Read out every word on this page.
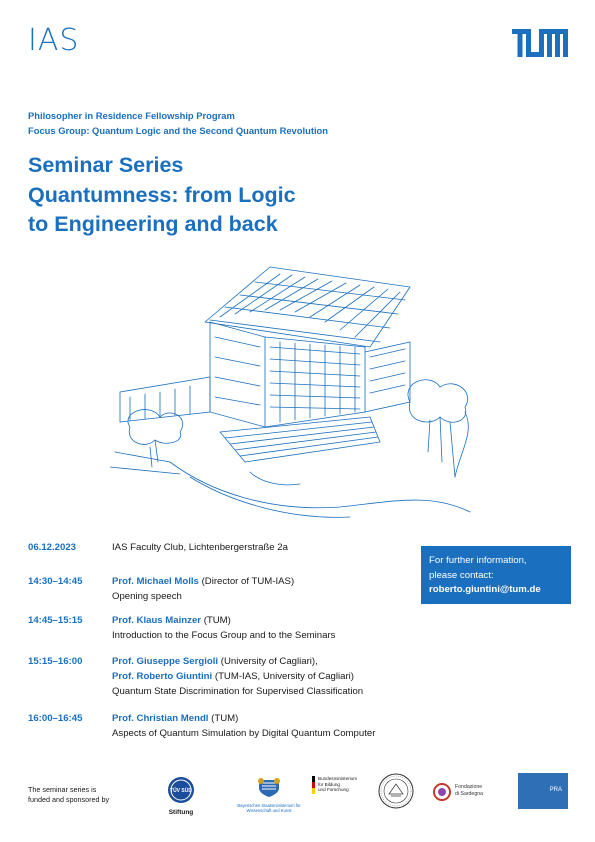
IAS
Philosopher in Residence Fellowship Program
Focus Group: Quantum Logic and the Second Quantum Revolution
Seminar Series
Quantumness: from Logic
to Engineering and back
06.12.2023	IAS Faculty Club, Lichtenbergerstraße 2a
14:30–14:45	Prof. Michael Molls (Director of TUM-IAS)
Opening speech
14:45–15:15	Prof. Klaus Mainzer (TUM)
Introduction to the Focus Group and to the Seminars
15:15–16:00	Prof. Giuseppe Sergioli (University of Cagliari),
Prof. Roberto Giuntini (TUM-IAS, University of Cagliari)
Quantum State Discrimination for Supervised Classification
16:00–16:45	Prof. Christian Mendl (TUM)
Aspects of Quantum Simulation by Digital Quantum Computer
For further information,
please contact:
roberto.giuntini@tum.de
The seminar series is
funded and sponsored by
TÜV SÜD
Stiftung
Bayerisches Staatsministerium für
Wissenschaft und Kunst
Bundesministerium
für Bildung
und Forschung	Fondazione
di Sardegna
PRA
